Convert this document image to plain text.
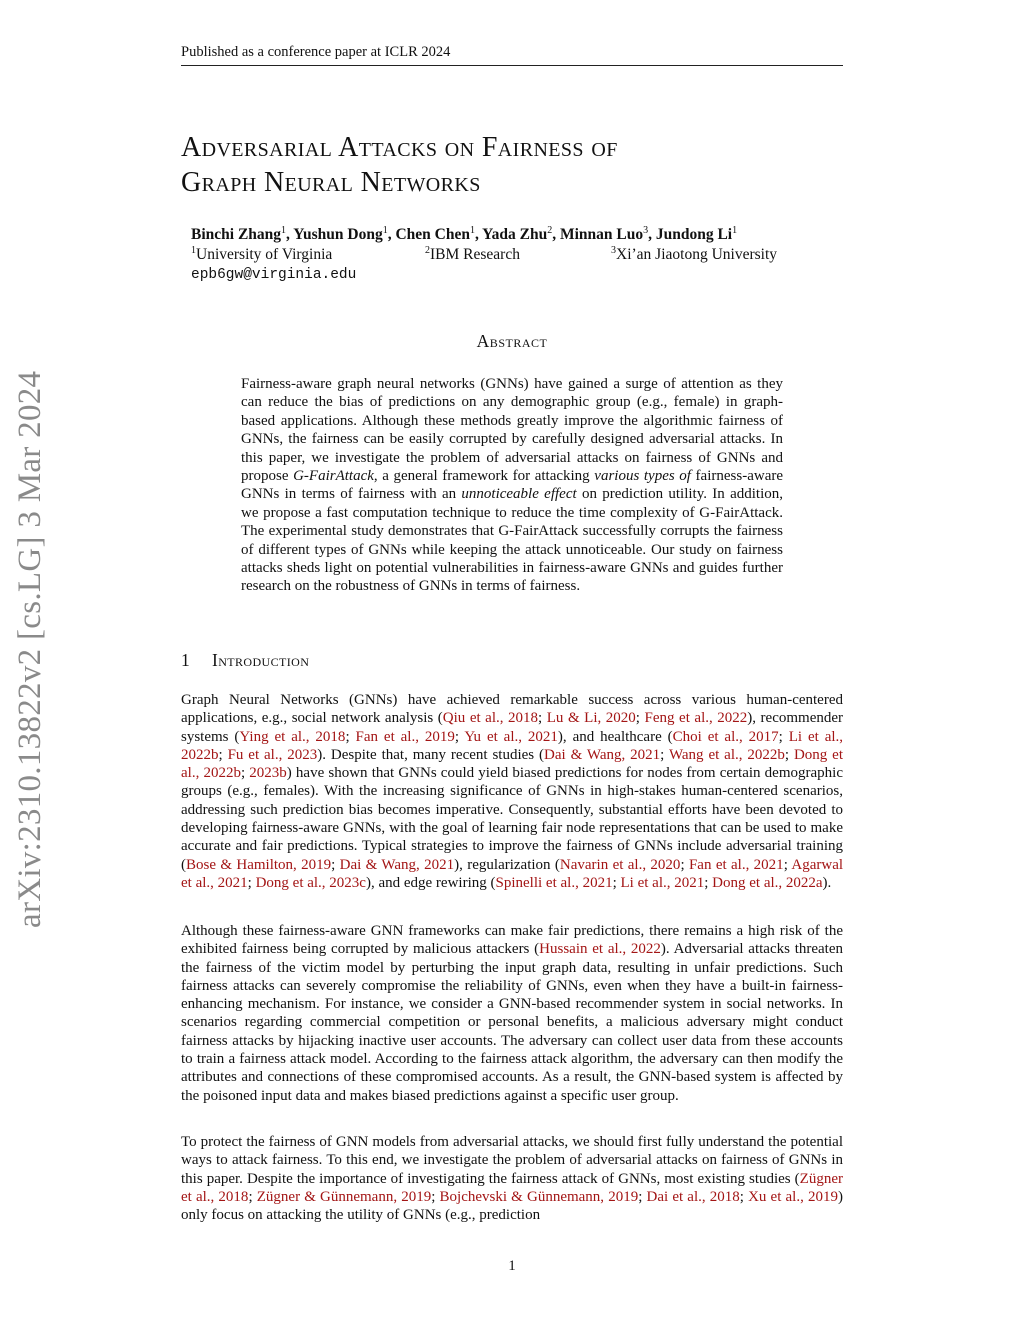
Published as a conference paper at ICLR 2024
arXiv:2310.13822v2 [cs.LG] 3 Mar 2024
Adversarial Attacks on Fairness of
Graph Neural Networks
Binchi Zhang$^1$, Yushun Dong$^1$, Chen Chen$^1$, Yada Zhu$^2$, Minnan Luo$^3$, Jundong Li$^1$
$^1$University of Virginia	$^2$IBM Research	$^3$Xi’an Jiaotong University
epb6gw@virginia.edu
Abstract
Fairness-aware graph neural networks (GNNs) have gained a surge of attention as they can reduce the bias of predictions on any demographic group (e.g., female) in graph-based applications. Although these methods greatly improve the algorithmic fairness of GNNs, the fairness can be easily corrupted by carefully designed adversarial attacks. In this paper, we investigate the problem of adversarial attacks on fairness of GNNs and propose G-FairAttack, a general framework for attacking various types of fairness-aware GNNs in terms of fairness with an unnoticeable effect on prediction utility. In addition, we propose a fast computation technique to reduce the time complexity of G-FairAttack. The experimental study demonstrates that G-FairAttack successfully corrupts the fairness of different types of GNNs while keeping the attack unnoticeable. Our study on fairness attacks sheds light on potential vulnerabilities in fairness-aware GNNs and guides further research on the robustness of GNNs in terms of fairness.
1 Introduction
Graph Neural Networks (GNNs) have achieved remarkable success across various human-centered applications, e.g., social network analysis (Qiu et al., 2018; Lu & Li, 2020; Feng et al., 2022), recommender systems (Ying et al., 2018; Fan et al., 2019; Yu et al., 2021), and healthcare (Choi et al., 2017; Li et al., 2022b; Fu et al., 2023). Despite that, many recent studies (Dai & Wang, 2021; Wang et al., 2022b; Dong et al., 2022b; 2023b) have shown that GNNs could yield biased predictions for nodes from certain demographic groups (e.g., females). With the increasing significance of GNNs in high-stakes human-centered scenarios, addressing such prediction bias becomes imperative. Consequently, substantial efforts have been devoted to developing fairness-aware GNNs, with the goal of learning fair node representations that can be used to make accurate and fair predictions. Typical strategies to improve the fairness of GNNs include adversarial training (Bose & Hamilton, 2019; Dai & Wang, 2021), regularization (Navarin et al., 2020; Fan et al., 2021; Agarwal et al., 2021; Dong et al., 2023c), and edge rewiring (Spinelli et al., 2021; Li et al., 2021; Dong et al., 2022a).
Although these fairness-aware GNN frameworks can make fair predictions, there remains a high risk of the exhibited fairness being corrupted by malicious attackers (Hussain et al., 2022). Adversarial attacks threaten the fairness of the victim model by perturbing the input graph data, resulting in unfair predictions. Such fairness attacks can severely compromise the reliability of GNNs, even when they have a built-in fairness-enhancing mechanism. For instance, we consider a GNN-based recommender system in social networks. In scenarios regarding commercial competition or personal benefits, a malicious adversary might conduct fairness attacks by hijacking inactive user accounts. The adversary can collect user data from these accounts to train a fairness attack model. According to the fairness attack algorithm, the adversary can then modify the attributes and connections of these compromised accounts. As a result, the GNN-based system is affected by the poisoned input data and makes biased predictions against a specific user group.
To protect the fairness of GNN models from adversarial attacks, we should first fully understand the potential ways to attack fairness. To this end, we investigate the problem of adversarial attacks on fairness of GNNs in this paper. Despite the importance of investigating the fairness attack of GNNs, most existing studies (Zügner et al., 2018; Zügner & Günnemann, 2019; Bojchevski & Günnemann, 2019; Dai et al., 2018; Xu et al., 2019) only focus on attacking the utility of GNNs (e.g., prediction
1
